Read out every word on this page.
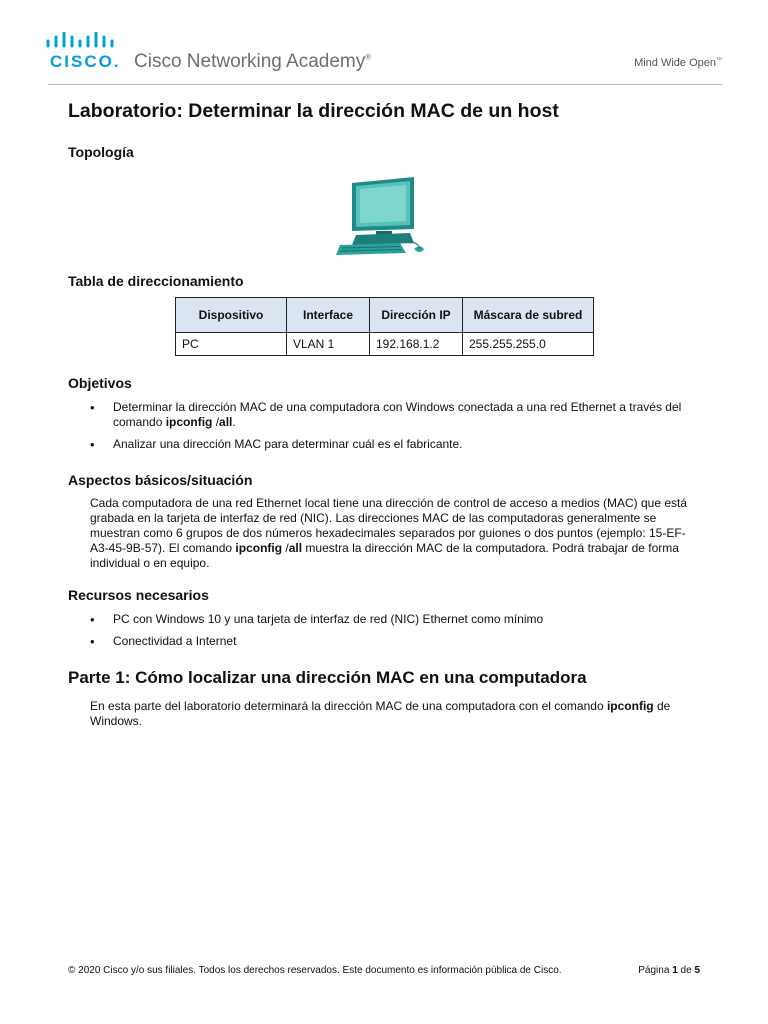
CISCO. Cisco Networking Academy®	Mind Wide Open™
Laboratorio: Determinar la dirección MAC de un host
Topología
Tabla de direccionamiento
Dispositivo	Interface	Dirección IP	Máscara de subred
PC	VLAN 1	192.168.1.2	255.255.255.0
Objetivos
• Determinar la dirección MAC de una computadora con Windows conectada a una red Ethernet a través del comando ipconfig /all.
• Analizar una dirección MAC para determinar cuál es el fabricante.
Aspectos básicos/situación
Cada computadora de una red Ethernet local tiene una dirección de control de acceso a medios (MAC) que está grabada en la tarjeta de interfaz de red (NIC). Las direcciones MAC de las computadoras generalmente se muestran como 6 grupos de dos números hexadecimales separados por guiones o dos puntos (ejemplo: 15-EF-A3-45-9B-57). El comando ipconfig /all muestra la dirección MAC de la computadora. Podrá trabajar de forma individual o en equipo.
Recursos necesarios
• PC con Windows 10 y una tarjeta de interfaz de red (NIC) Ethernet como mínimo
• Conectividad a Internet
Parte 1: Cómo localizar una dirección MAC en una computadora
En esta parte del laboratorio determinará la dirección MAC de una computadora con el comando ipconfig de Windows.
© 2020 Cisco y/o sus filiales. Todos los derechos reservados. Este documento es información pública de Cisco.	Página 1 de 5
